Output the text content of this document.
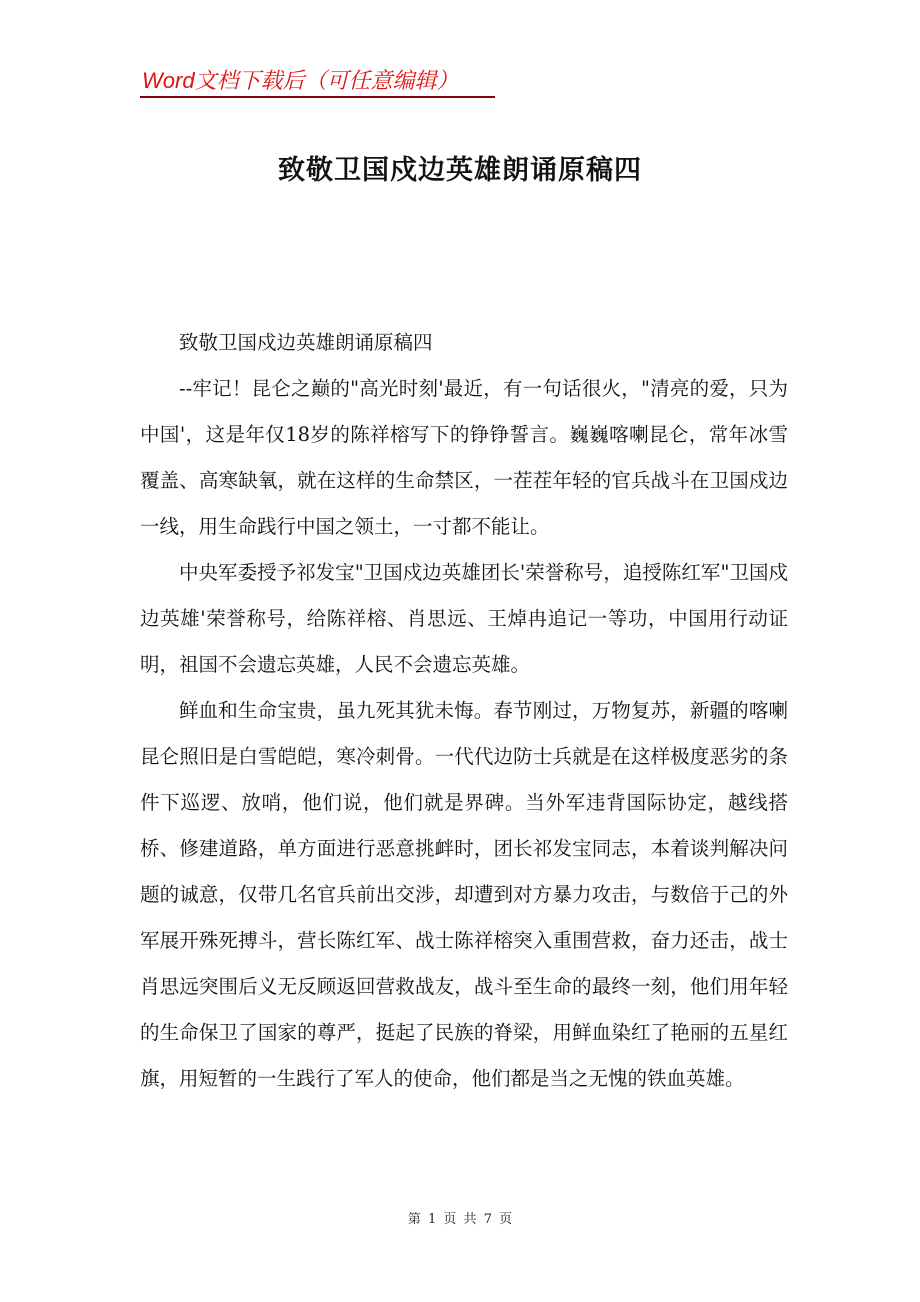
Word文档下载后（可任意编辑）
致敬卫国戍边英雄朗诵原稿四

致敬卫国戍边英雄朗诵原稿四

--牢记！昆仑之巅的"高光时刻'最近，有一句话很火，"清亮的爱，只为中国'，这是年仅18岁的陈祥榕写下的铮铮誓言。巍巍喀喇昆仑，常年冰雪覆盖、高寒缺氧，就在这样的生命禁区，一茬茬年轻的官兵战斗在卫国戍边一线，用生命践行中国之领土，一寸都不能让。

中央军委授予祁发宝"卫国戍边英雄团长'荣誉称号，追授陈红军"卫国戍边英雄'荣誉称号，给陈祥榕、肖思远、王焯冉追记一等功，中国用行动证明，祖国不会遗忘英雄，人民不会遗忘英雄。

鲜血和生命宝贵，虽九死其犹未悔。春节刚过，万物复苏，新疆的喀喇昆仑照旧是白雪皑皑，寒冷刺骨。一代代边防士兵就是在这样极度恶劣的条件下巡逻、放哨，他们说，他们就是界碑。当外军违背国际协定，越线搭桥、修建道路，单方面进行恶意挑衅时，团长祁发宝同志，本着谈判解决问题的诚意，仅带几名官兵前出交涉，却遭到对方暴力攻击，与数倍于己的外军展开殊死搏斗，营长陈红军、战士陈祥榕突入重围营救，奋力还击，战士肖思远突围后义无反顾返回营救战友，战斗至生命的最终一刻，他们用年轻的生命保卫了国家的尊严，挺起了民族的脊梁，用鲜血染红了艳丽的五星红旗，用短暂的一生践行了军人的使命，他们都是当之无愧的铁血英雄。

第 1 页 共 7 页
